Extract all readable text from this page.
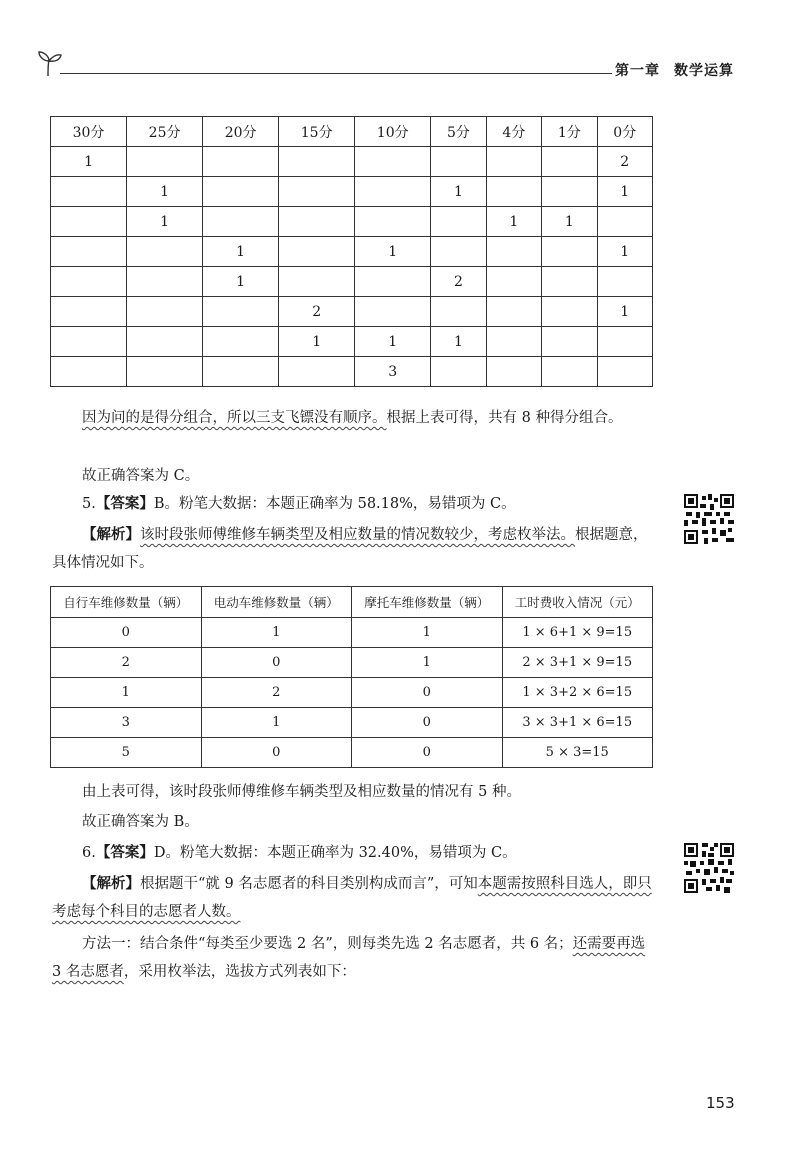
第一章 数学运算
30分	25分	20分	15分	10分	5分	4分	1分	0分
1								2
	1				1			1
	1					1	1	
		1		1				1
		1			2			
			2					1
			1	1	1			
				3				
因为问的是得分组合，所以三支飞镖没有顺序。根据上表可得，共有 8 种得分组合。
故正确答案为 C。
5.【答案】B。粉笔大数据：本题正确率为 58.18%，易错项为 C。
【解析】该时段张师傅维修车辆类型及相应数量的情况数较少，考虑枚举法。根据题意，具体情况如下。
自行车维修数量（辆）	电动车维修数量（辆）	摩托车维修数量（辆）	工时费收入情况（元）
0	1	1	1 × 6+1 × 9=15
2	0	1	2 × 3+1 × 9=15
1	2	0	1 × 3+2 × 6=15
3	1	0	3 × 3+1 × 6=15
5	0	0	5 × 3=15
由上表可得，该时段张师傅维修车辆类型及相应数量的情况有 5 种。
故正确答案为 B。
6.【答案】D。粉笔大数据：本题正确率为 32.40%，易错项为 C。
【解析】根据题干“就 9 名志愿者的科目类别构成而言”，可知本题需按照科目选人，即只考虑每个科目的志愿者人数。
方法一：结合条件“每类至少要选 2 名”，则每类先选 2 名志愿者，共 6 名；还需要再选 3 名志愿者，采用枚举法，选拔方式列表如下：
153
